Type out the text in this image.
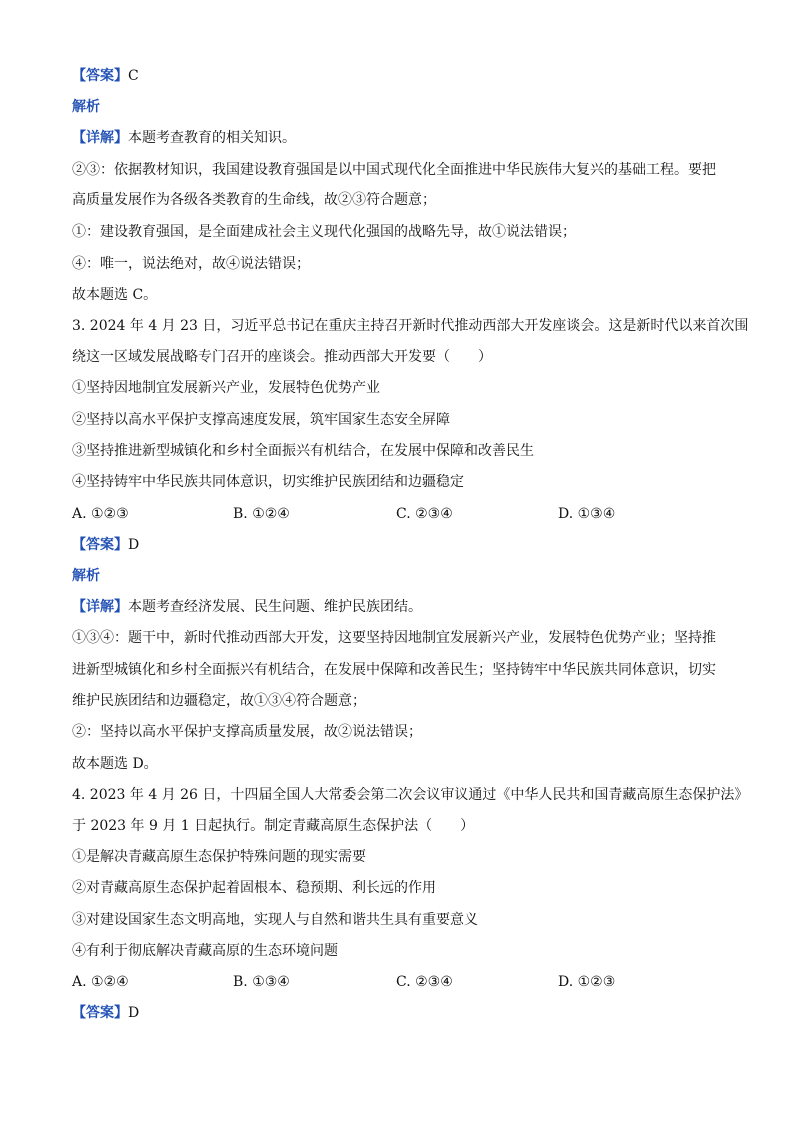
【答案】C
解析
【详解】本题考查教育的相关知识。
②③：依据教材知识，我国建设教育强国是以中国式现代化全面推进中华民族伟大复兴的基础工程。要把
高质量发展作为各级各类教育的生命线，故②③符合题意；
①：建设教育强国，是全面建成社会主义现代化强国的战略先导，故①说法错误；
④：唯一，说法绝对，故④说法错误；
故本题选 C。
3. 2024 年 4 月 23 日，习近平总书记在重庆主持召开新时代推动西部大开发座谈会。这是新时代以来首次围
绕这一区域发展战略专门召开的座谈会。推动西部大开发要（　　）
①坚持因地制宜发展新兴产业，发展特色优势产业
②坚持以高水平保护支撑高速度发展，筑牢国家生态安全屏障
③坚持推进新型城镇化和乡村全面振兴有机结合，在发展中保障和改善民生
④坚持铸牢中华民族共同体意识，切实维护民族团结和边疆稳定
A. ①②③	B. ①②④	C. ②③④	D. ①③④
【答案】D
解析
【详解】本题考查经济发展、民生问题、维护民族团结。
①③④：题干中，新时代推动西部大开发，这要坚持因地制宜发展新兴产业，发展特色优势产业；坚持推
进新型城镇化和乡村全面振兴有机结合，在发展中保障和改善民生；坚持铸牢中华民族共同体意识，切实
维护民族团结和边疆稳定，故①③④符合题意；
②：坚持以高水平保护支撑高质量发展，故②说法错误；
故本题选 D。
4. 2023 年 4 月 26 日，十四届全国人大常委会第二次会议审议通过《中华人民共和国青藏高原生态保护法》
于 2023 年 9 月 1 日起执行。制定青藏高原生态保护法（　　）
①是解决青藏高原生态保护特殊问题的现实需要
②对青藏高原生态保护起着固根本、稳预期、利长远的作用
③对建设国家生态文明高地，实现人与自然和谐共生具有重要意义
④有利于彻底解决青藏高原的生态环境问题
A. ①②④	B. ①③④	C. ②③④	D. ①②③
【答案】D
